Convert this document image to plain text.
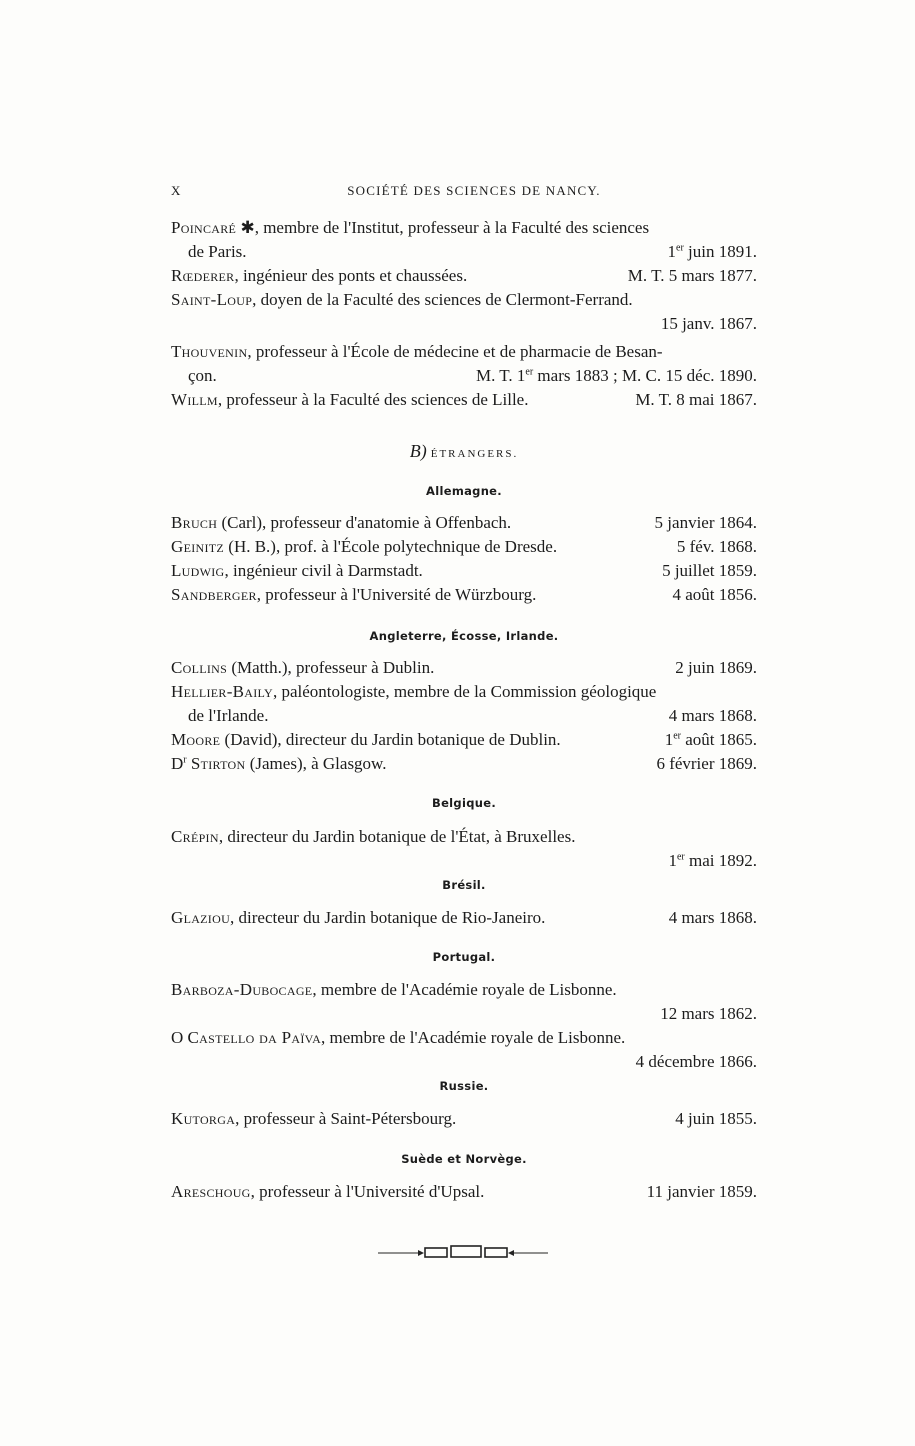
X	SOCIÉTÉ DES SCIENCES DE NANCY.
Poincaré ✱, membre de l'Institut, professeur à la Faculté des sciences
de Paris.	1er juin 1891.
Rœderer, ingénieur des ponts et chaussées.	M. T. 5 mars 1877.
Saint-Loup, doyen de la Faculté des sciences de Clermont-Ferrand.
15 janv. 1867.
Thouvenin, professeur à l'École de médecine et de pharmacie de Besan-
çon.	M. T. 1er mars 1883 ; M. C. 15 déc. 1890.
Willm, professeur à la Faculté des sciences de Lille.	M. T. 8 mai 1867.
B) ÉTRANGERS.
Allemagne.
Bruch (Carl), professeur d'anatomie à Offenbach.	5 janvier 1864.
Geinitz (H. B.), prof. à l'École polytechnique de Dresde.	5 fév. 1868.
Ludwig, ingénieur civil à Darmstadt.	5 juillet 1859.
Sandberger, professeur à l'Université de Würzbourg.	4 août 1856.
Angleterre, Écosse, Irlande.
Collins (Matth.), professeur à Dublin.	2 juin 1869.
Hellier-Baily, paléontologiste, membre de la Commission géologique
de l'Irlande.	4 mars 1868.
Moore (David), directeur du Jardin botanique de Dublin.	1er août 1865.
$D^r$ Stirton (James), à Glasgow.	6 février 1869.
Belgique.
Crépin, directeur du Jardin botanique de l'État, à Bruxelles.
1er mai 1892.
Brésil.
Glaziou, directeur du Jardin botanique de Rio-Janeiro.	4 mars 1868.
Portugal.
Barboza-Dubocage, membre de l'Académie royale de Lisbonne.
12 mars 1862.
O Castello da Païva, membre de l'Académie royale de Lisbonne.
4 décembre 1866.
Russie.
Kutorga, professeur à Saint-Pétersbourg.	4 juin 1855.
Suède et Norvège.
Areschoug, professeur à l'Université d'Upsal.	11 janvier 1859.
